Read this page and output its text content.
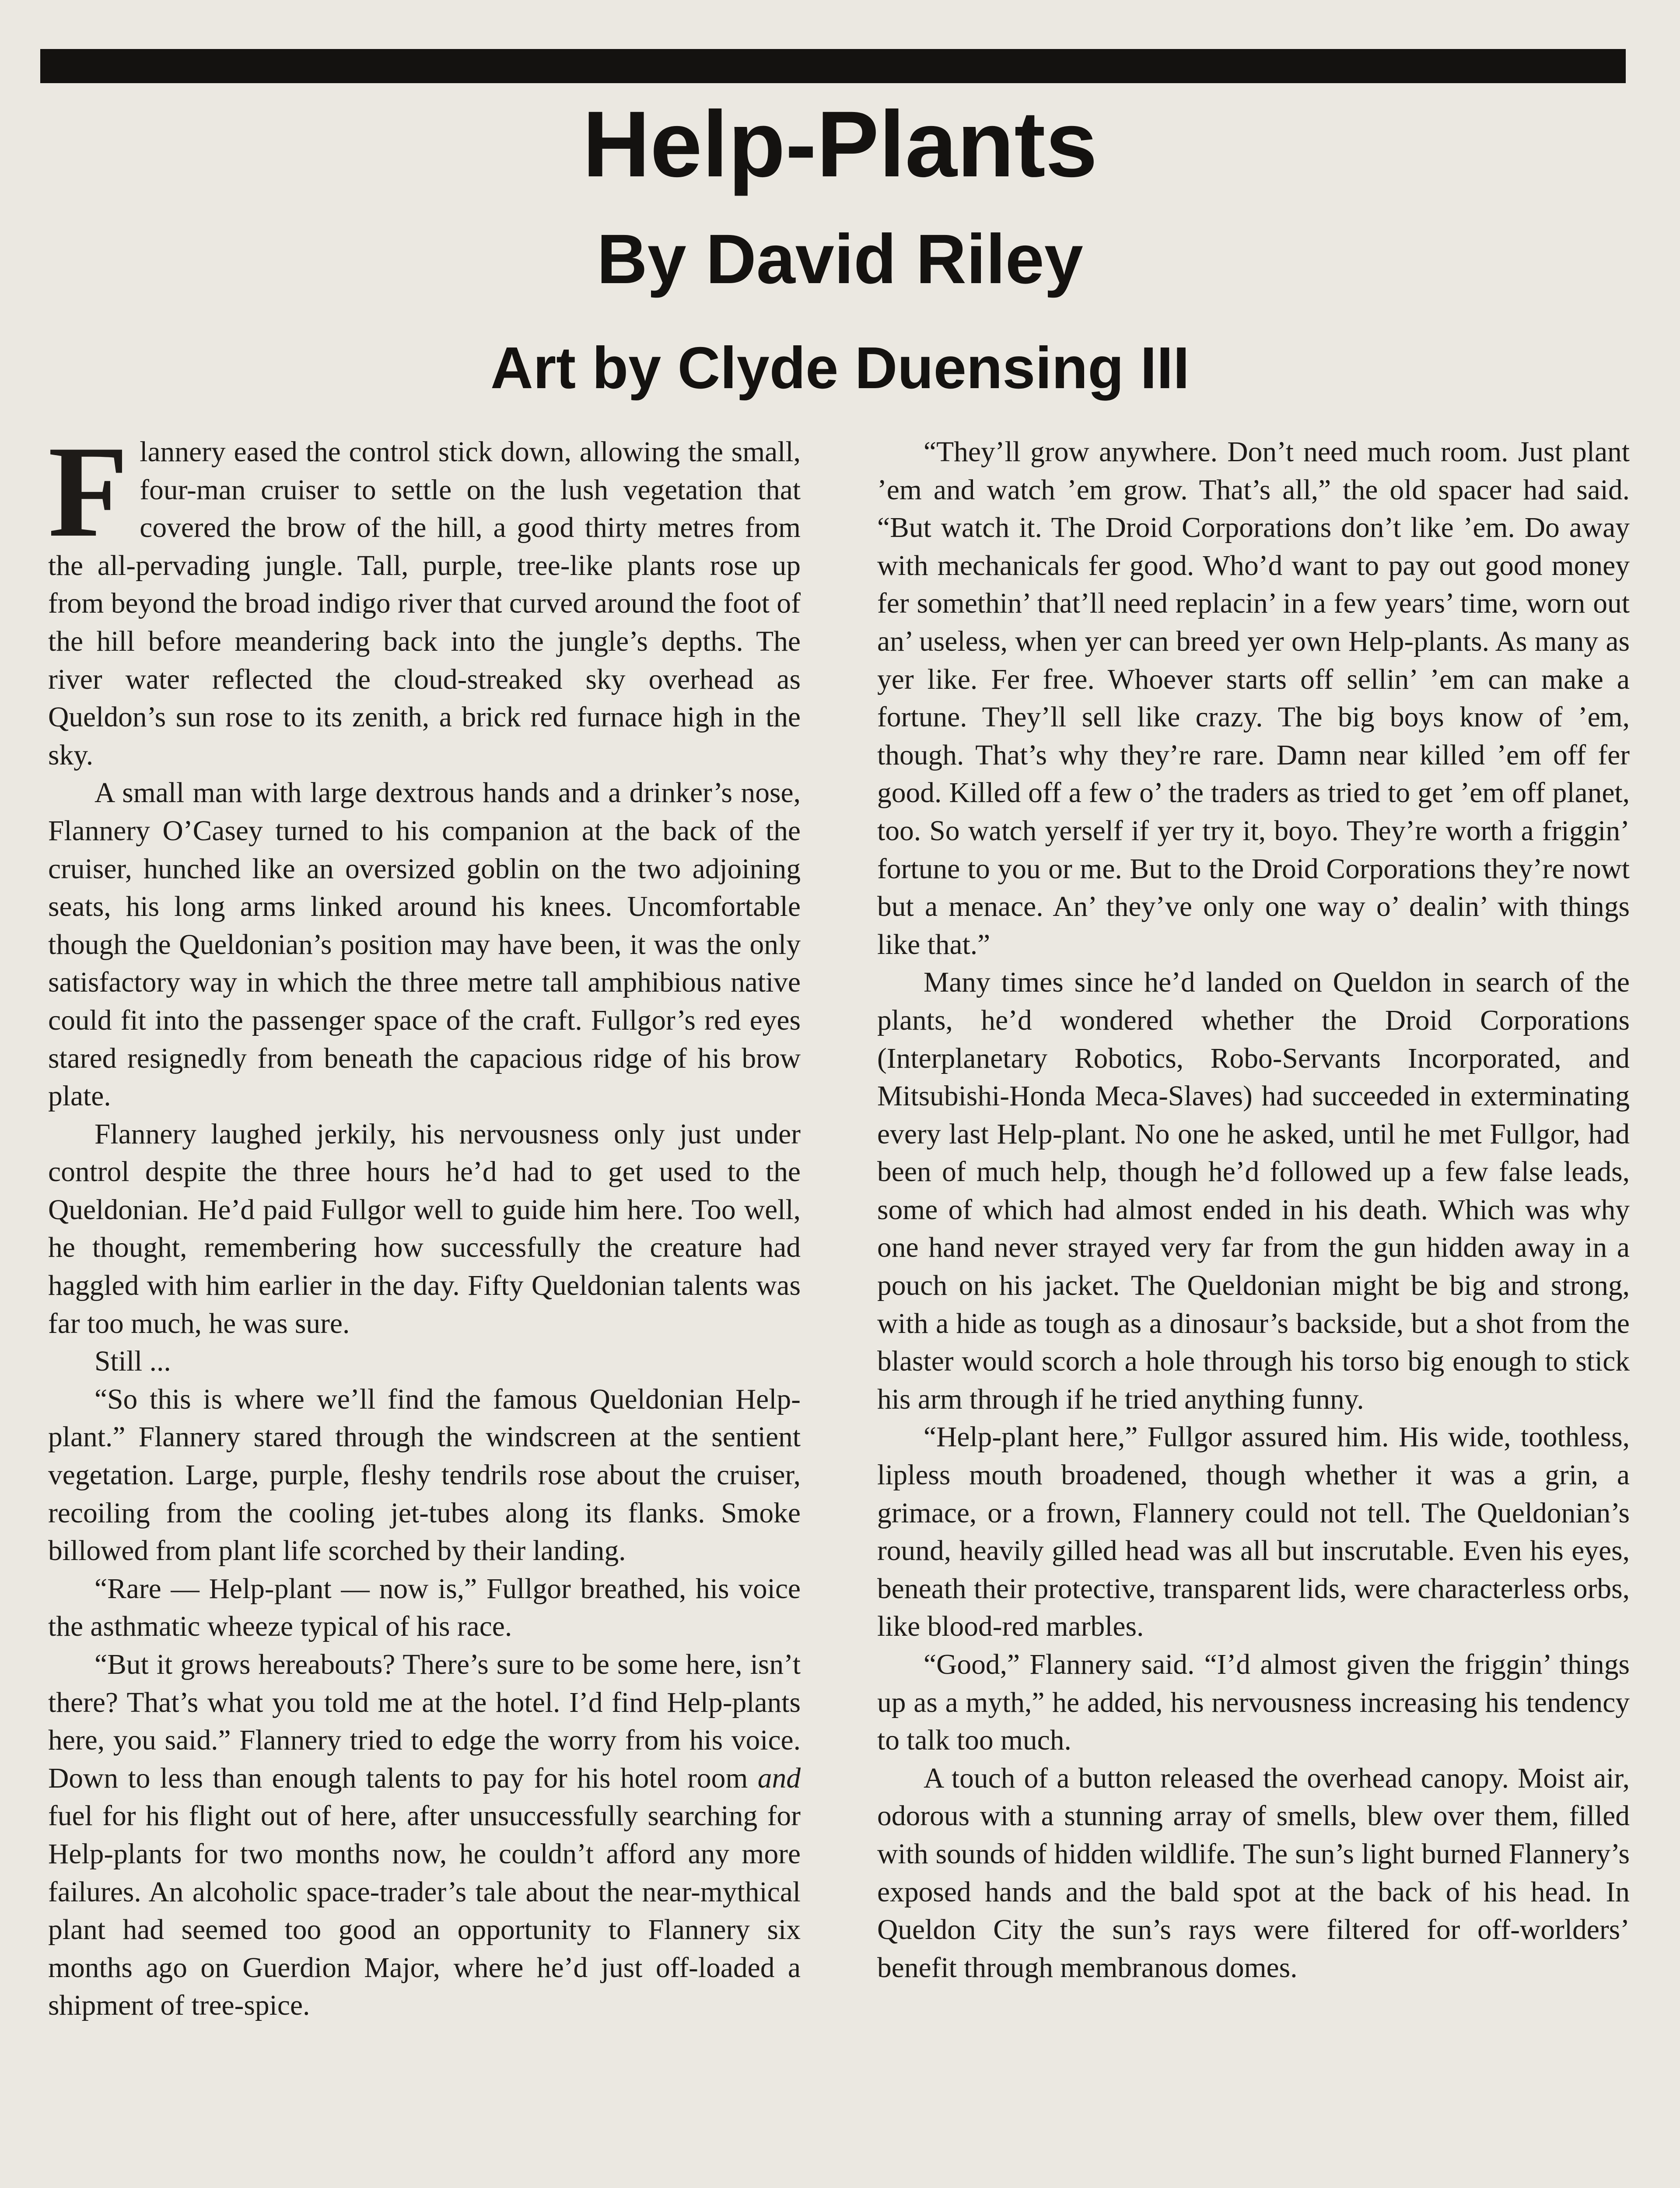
Help-Plants
By David Riley
Art by Clyde Duensing III

Flannery eased the control stick down, allowing the small, four-man cruiser to settle on the lush vegetation that covered the brow of the hill, a good thirty metres from the all-pervading jungle. Tall, purple, tree-like plants rose up from beyond the broad indigo river that curved around the foot of the hill before meandering back into the jungle’s depths. The river water reflected the cloud-streaked sky overhead as Queldon’s sun rose to its zenith, a brick red furnace high in the sky.

A small man with large dextrous hands and a drinker’s nose, Flannery O’Casey turned to his companion at the back of the cruiser, hunched like an oversized goblin on the two adjoining seats, his long arms linked around his knees. Uncomfortable though the Queldonian’s position may have been, it was the only satisfactory way in which the three metre tall amphibious native could fit into the passenger space of the craft. Fullgor’s red eyes stared resignedly from beneath the capacious ridge of his brow plate.

Flannery laughed jerkily, his nervousness only just under control despite the three hours he’d had to get used to the Queldonian. He’d paid Fullgor well to guide him here. Too well, he thought, remembering how successfully the creature had haggled with him earlier in the day. Fifty Queldonian talents was far too much, he was sure.

Still ...

“So this is where we’ll find the famous Queldonian Help-plant.” Flannery stared through the windscreen at the sentient vegetation. Large, purple, fleshy tendrils rose about the cruiser, recoiling from the cooling jet-tubes along its flanks. Smoke billowed from plant life scorched by their landing.

“Rare — Help-plant — now is,” Fullgor breathed, his voice the asthmatic wheeze typical of his race.

“But it grows hereabouts? There’s sure to be some here, isn’t there? That’s what you told me at the hotel. I’d find Help-plants here, you said.” Flannery tried to edge the worry from his voice. Down to less than enough talents to pay for his hotel room and fuel for his flight out of here, after unsuccessfully searching for Help-plants for two months now, he couldn’t afford any more failures. An alcoholic space-trader’s tale about the near-mythical plant had seemed too good an opportunity to Flannery six months ago on Guerdion Major, where he’d just off-loaded a shipment of tree-spice.

“They’ll grow anywhere. Don’t need much room. Just plant ’em and watch ’em grow. That’s all,” the old spacer had said. “But watch it. The Droid Corporations don’t like ’em. Do away with mechanicals fer good. Who’d want to pay out good money fer somethin’ that’ll need replacin’ in a few years’ time, worn out an’ useless, when yer can breed yer own Help-plants. As many as yer like. Fer free. Whoever starts off sellin’ ’em can make a fortune. They’ll sell like crazy. The big boys know of ’em, though. That’s why they’re rare. Damn near killed ’em off fer good. Killed off a few o’ the traders as tried to get ’em off planet, too. So watch yerself if yer try it, boyo. They’re worth a friggin’ fortune to you or me. But to the Droid Corporations they’re nowt but a menace. An’ they’ve only one way o’ dealin’ with things like that.”

Many times since he’d landed on Queldon in search of the plants, he’d wondered whether the Droid Corporations (Interplanetary Robotics, Robo-Servants Incorporated, and Mitsubishi-Honda Meca-Slaves) had succeeded in exterminating every last Help-plant. No one he asked, until he met Fullgor, had been of much help, though he’d followed up a few false leads, some of which had almost ended in his death. Which was why one hand never strayed very far from the gun hidden away in a pouch on his jacket. The Queldonian might be big and strong, with a hide as tough as a dinosaur’s backside, but a shot from the blaster would scorch a hole through his torso big enough to stick his arm through if he tried anything funny.

“Help-plant here,” Fullgor assured him. His wide, toothless, lipless mouth broadened, though whether it was a grin, a grimace, or a frown, Flannery could not tell. The Queldonian’s round, heavily gilled head was all but inscrutable. Even his eyes, beneath their protective, transparent lids, were characterless orbs, like blood-red marbles.

“Good,” Flannery said. “I’d almost given the friggin’ things up as a myth,” he added, his nervousness increasing his tendency to talk too much.

A touch of a button released the overhead canopy. Moist air, odorous with a stunning array of smells, blew over them, filled with sounds of hidden wildlife. The sun’s light burned Flannery’s exposed hands and the bald spot at the back of his head. In Queldon City the sun’s rays were filtered for off-worlders’ benefit through membranous domes.
